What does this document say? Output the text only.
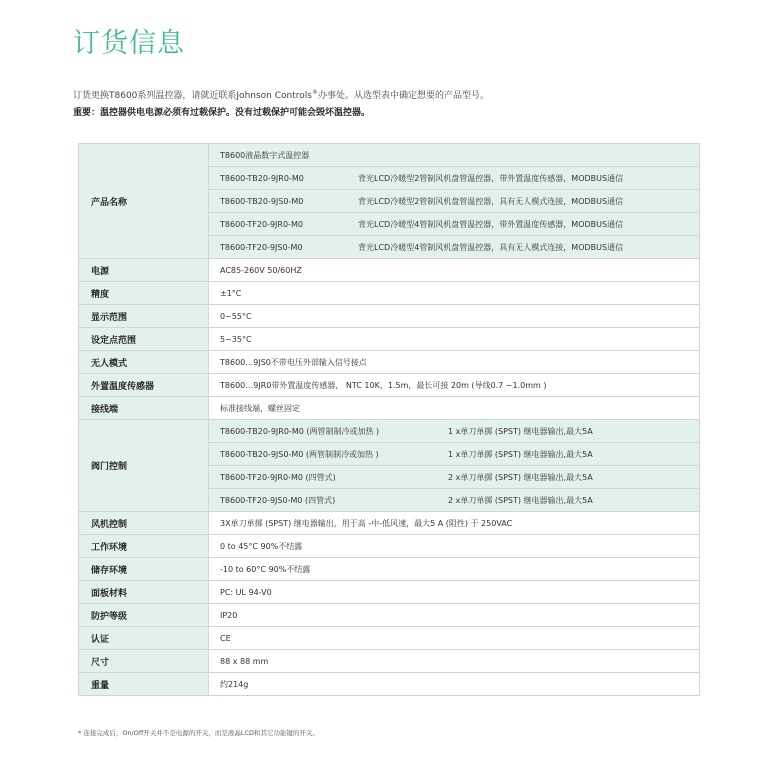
订货信息

订货更换T8600系列温控器，请就近联系Johnson Controls®办事处。从选型表中确定想要的产品型号。

重要：温控器供电电源必须有过载保护。没有过载保护可能会毁坏温控器。

产品名称	T8600液晶数字式温控器
	T8600-TB20-9JR0-M0 背光LCD冷暖型2管制风机盘管温控器，带外置温度传感器，MODBUS通信
	T8600-TB20-9JS0-M0 背光LCD冷暖型2管制风机盘管温控器，具有无人模式连接，MODBUS通信
	T8600-TF20-9JR0-M0 背光LCD冷暖型4管制风机盘管温控器，带外置温度传感器，MODBUS通信
	T8600-TF20-9JS0-M0 背光LCD冷暖型4管制风机盘管温控器，具有无人模式连接，MODBUS通信
电源	AC85-260V 50/60HZ
精度	±1°C
显示范围	0~55°C
设定点范围	5~35°C
无人模式	T8600…9JS0不带电压外部输入信号接点
外置温度传感器	T8600…9JR0带外置温度传感器， NTC 10K，1.5m，最长可接 20m (导线0.7 ~1.0mm )
接线端	标准接线端，螺丝固定
阀门控制	T8600-TB20-9JR0-M0 (两管制制冷或加热 ) 1 x单刀单掷 (SPST) 继电器输出,最大5A
	T8600-TB20-9JS0-M0 (两管制制冷或加热 ) 1 x单刀单掷 (SPST) 继电器输出,最大5A
	T8600-TF20-9JR0-M0 (四管式) 2 x单刀单掷 (SPST) 继电器输出,最大5A
	T8600-TF20-9JS0-M0 (四管式) 2 x单刀单掷 (SPST) 继电器输出,最大5A
风机控制	3X单刀单掷 (SPST) 继电器输出，用于高 -中-低风速，最大5 A (阻性) 于 250VAC
工作环境	0 to 45°C 90%不结露
储存环境	-10 to 60°C 90%不结露
面板材料	PC: UL 94-V0
防护等级	IP20
认证	CE
尺寸	88 x 88 mm
重量	约214g
* 连接完成后，On/Off开关并不是电源的开关，而是液晶LCD和其它功能键的开关。
